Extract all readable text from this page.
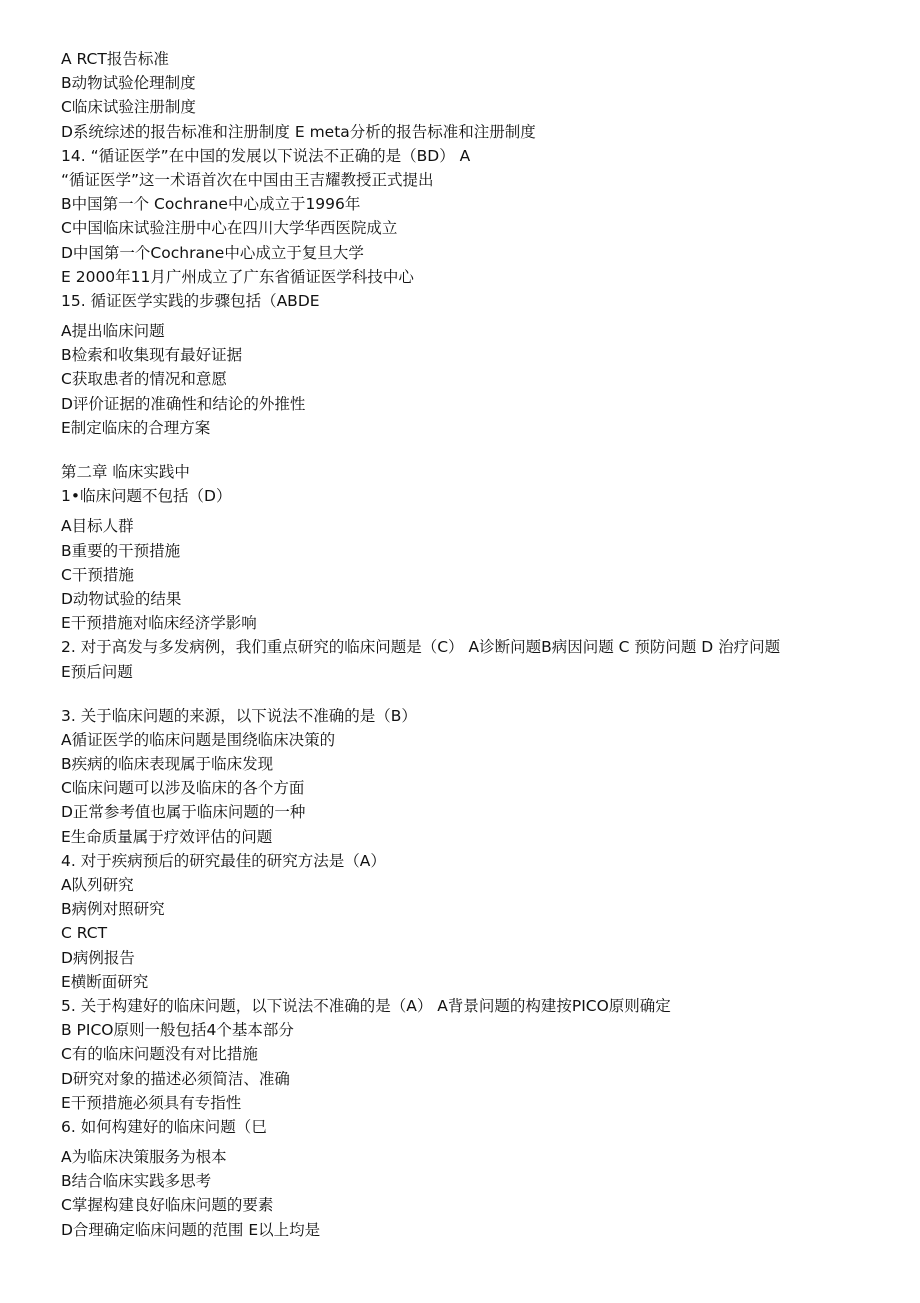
A RCT报告标准
B动物试验伦理制度
C临床试验注册制度
D系统综述的报告标准和注册制度 E meta分析的报告标准和注册制度
14. “循证医学”在中国的发展以下说法不正确的是（BD） A
“循证医学”这一术语首次在中国由王吉耀教授正式提出
B中国第一个 Cochrane中心成立于1996年
C中国临床试验注册中心在四川大学华西医院成立
D中国第一个Cochrane中心成立于复旦大学
E 2000年11月广州成立了广东省循证医学科技中心
15. 循证医学实践的步骤包括（ABDE
A提出临床问题
B检索和收集现有最好证据
C获取患者的情况和意愿
D评价证据的准确性和结论的外推性
E制定临床的合理方案
第二章 临床实践中
1•临床问题不包括（D）
A目标人群
B重要的干预措施
C干预措施
D动物试验的结果
E干预措施对临床经济学影响
2. 对于高发与多发病例，我们重点研究的临床问题是（C） A诊断问题B病因问题 C 预防问题 D 治疗问题
E预后问题
3. 关于临床问题的来源，以下说法不准确的是（B）
A循证医学的临床问题是围绕临床决策的
B疾病的临床表现属于临床发现
C临床问题可以涉及临床的各个方面
D正常参考值也属于临床问题的一种
E生命质量属于疗效评估的问题
4. 对于疾病预后的研究最佳的研究方法是（A）
A队列研究
B病例对照研究
C RCT
D病例报告
E横断面研究
5. 关于构建好的临床问题，以下说法不准确的是（A） A背景问题的构建按PICO原则确定
B PICO原则一般包括4个基本部分
C有的临床问题没有对比措施
D研究对象的描述必须简洁、准确
E干预措施必须具有专指性
6. 如何构建好的临床问题（巳
A为临床决策服务为根本
B结合临床实践多思考
C掌握构建良好临床问题的要素
D合理确定临床问题的范围 E以上均是
